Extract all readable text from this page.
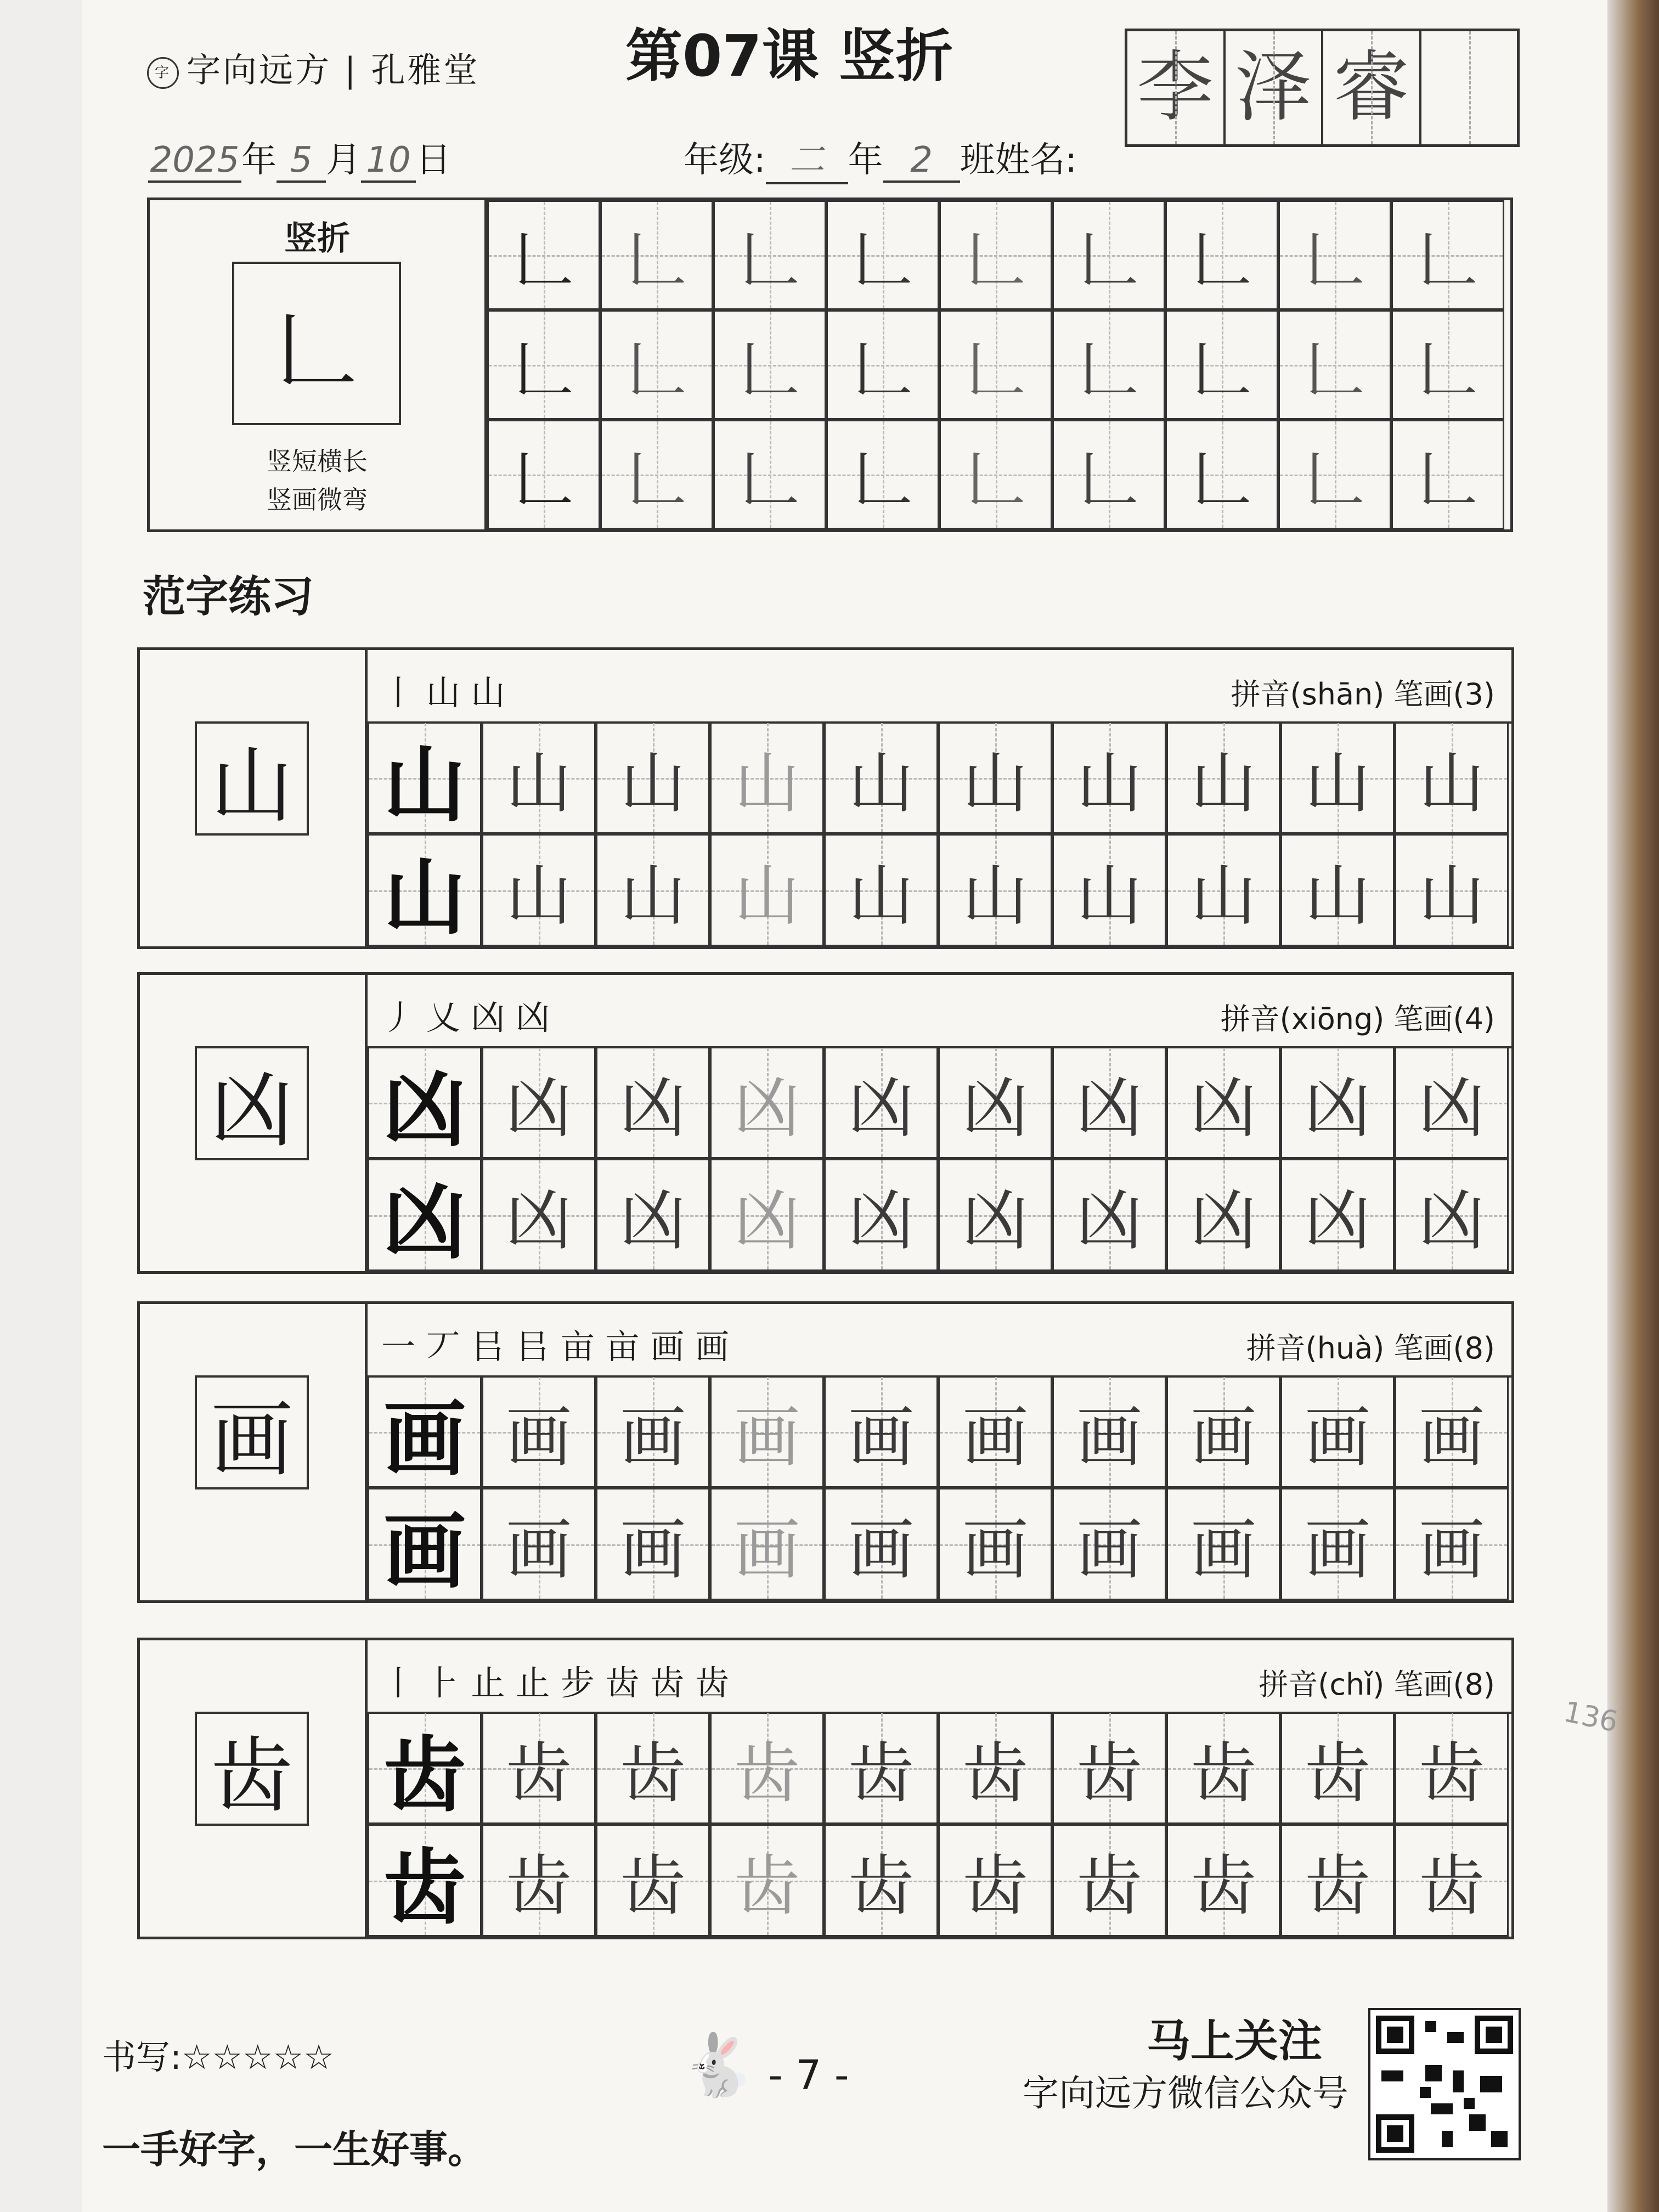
字 字向远方 | 孔雅堂	第07课 竖折 李 泽 睿
2025年 5 月 10 日	年级: 二 年 2 班姓名:
竖折
𠃊
竖短横长
竖画微弯
𠃊 𠃊 𠃊 𠃊 𠃊 𠃊 𠃊 𠃊 𠃊
𠃊 𠃊 𠃊 𠃊 𠃊 𠃊 𠃊 𠃊 𠃊
𠃊 𠃊 𠃊 𠃊 𠃊 𠃊 𠃊 𠃊 𠃊
范字练习
山
丨 山 山	拼音(shān) 笔画(3)
山 山 山 山 山 山 山 山 山 山
山 山 山 山 山 山 山 山 山 山
凶
丿 乂 凶 凶	拼音(xiōng) 笔画(4)
凶 凶 凶 凶 凶 凶 凶 凶 凶 凶
凶 凶 凶 凶 凶 凶 凶 凶 凶 凶
画
一 丆 㠯 㠯 亩 亩 画 画	拼音(huà) 笔画(8)
画 画 画 画 画 画 画 画 画 画
画 画 画 画 画 画 画 画 画 画
齿
丨 ⺊ 止 止 步 齿 齿 齿	拼音(chǐ) 笔画(8)
齿 齿 齿 齿 齿 齿 齿 齿 齿 齿
齿 齿 齿 齿 齿 齿 齿 齿 齿 齿
书写:☆☆☆☆☆
一手好字，一生好事。
🐇 - 7 -
马上关注
字向远方微信公众号
136
